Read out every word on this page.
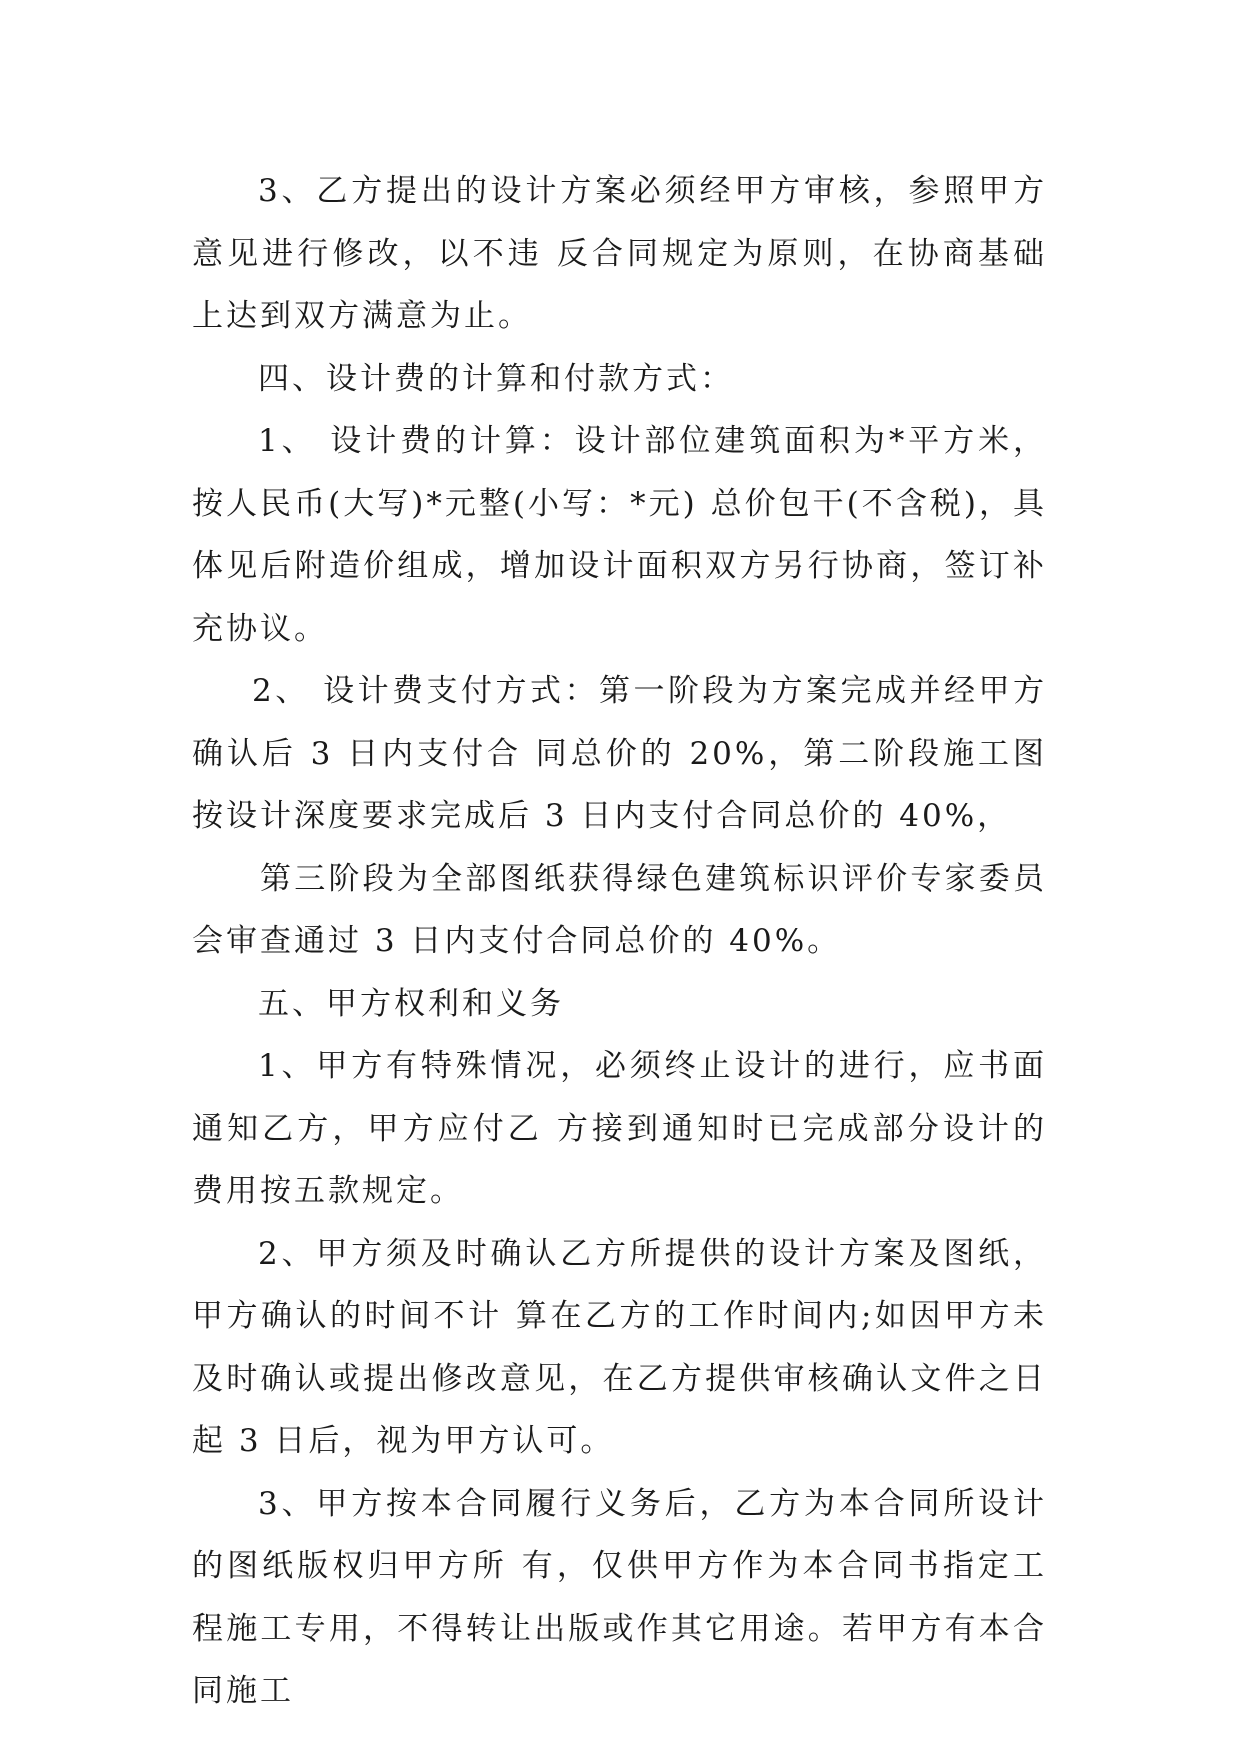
3、乙方提出的设计方案必须经甲方审核，参照甲方意见进行修改，以不违 反合同规定为原则，在协商基础上达到双方满意为止。

四、设计费的计算和付款方式：

1、 设计费的计算：设计部位建筑面积为*平方米，按人民币(大写)*元整(小写：*元) 总价包干(不含税)，具体见后附造价组成，增加设计面积双方另行协商，签订补充协议。

2、 设计费支付方式：第一阶段为方案完成并经甲方确认后 3 日内支付合 同总价的 20%，第二阶段施工图按设计深度要求完成后 3 日内支付合同总价的 40%，

第三阶段为全部图纸获得绿色建筑标识评价专家委员会审查通过 3 日内支付合同总价的 40%。

五、甲方权利和义务

1、甲方有特殊情况，必须终止设计的进行，应书面通知乙方，甲方应付乙 方接到通知时已完成部分设计的费用按五款规定。

2、甲方须及时确认乙方所提供的设计方案及图纸，甲方确认的时间不计 算在乙方的工作时间内;如因甲方未及时确认或提出修改意见，在乙方提供审核确认文件之日起 3 日后，视为甲方认可。

3、甲方按本合同履行义务后，乙方为本合同所设计的图纸版权归甲方所 有，仅供甲方作为本合同书指定工程施工专用，不得转让出版或作其它用途。若甲方有本合同施工
